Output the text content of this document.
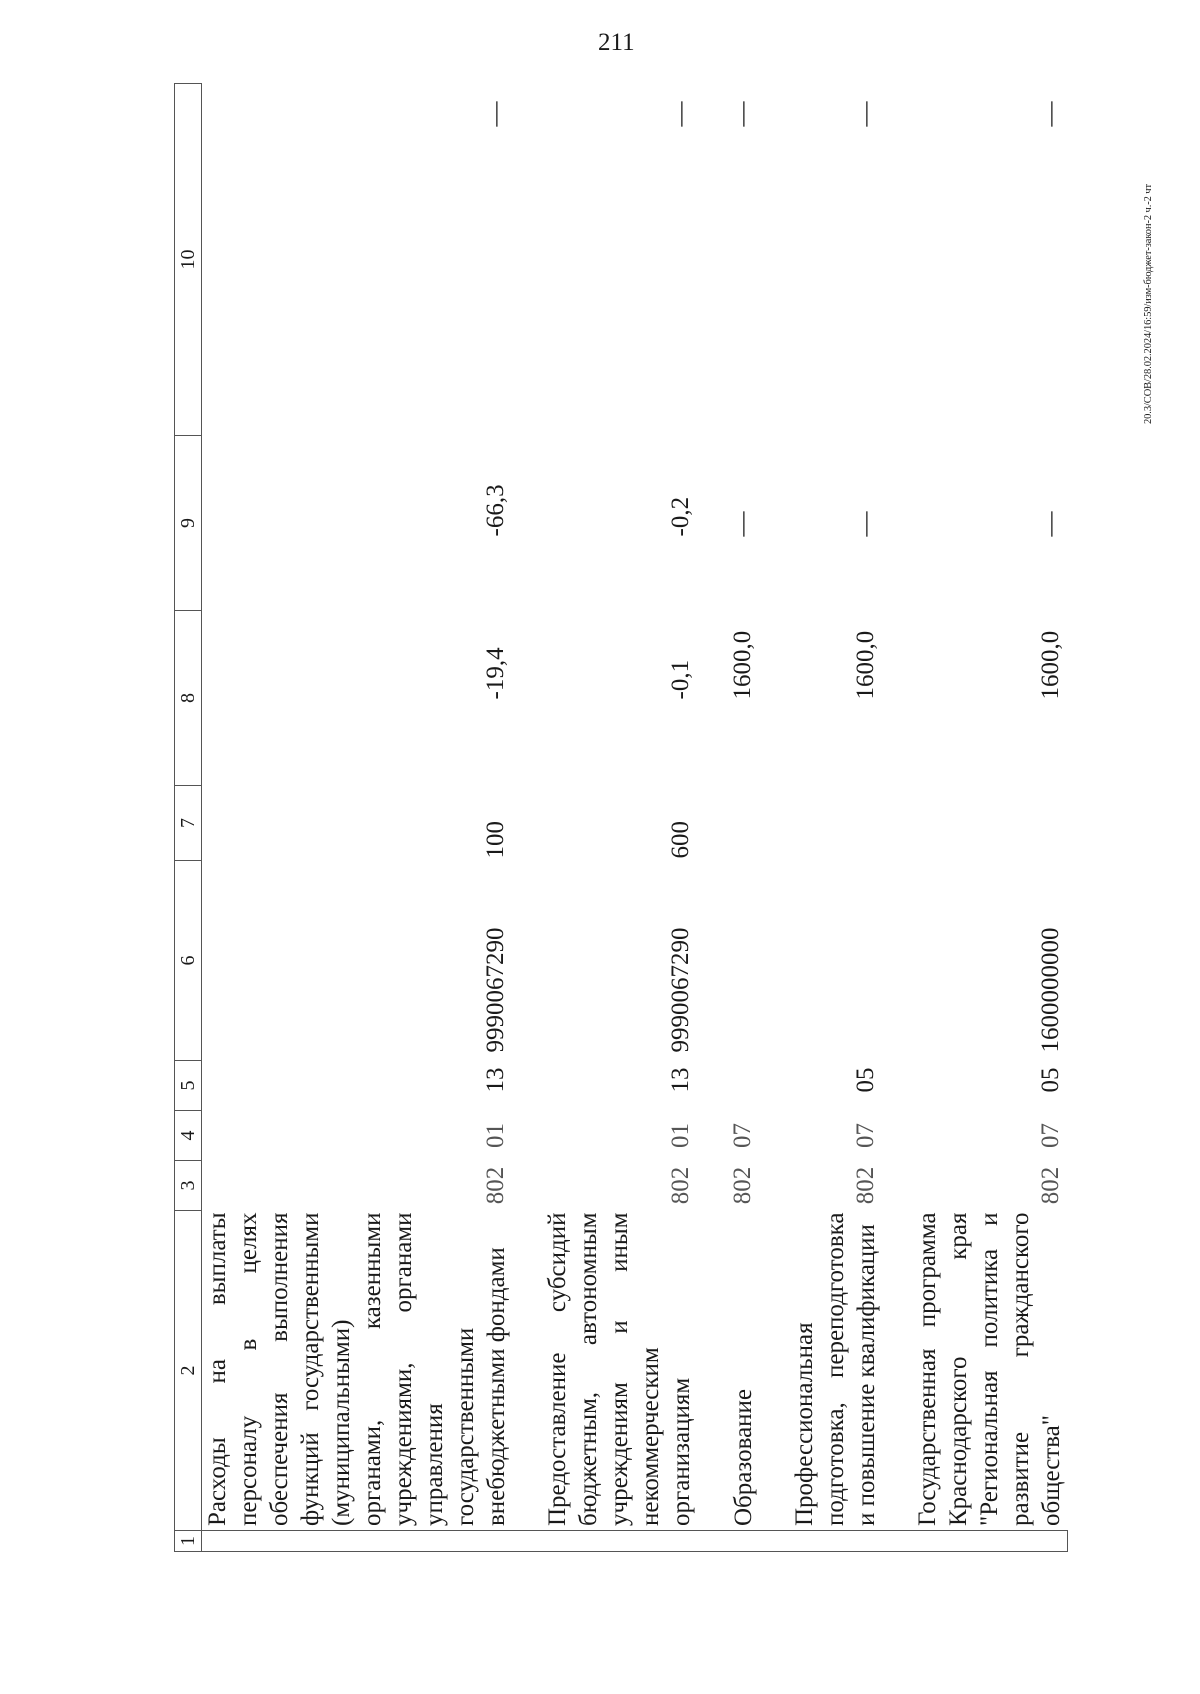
211
20.3/СОВ/28.02.2024/16:59/изм-бюджет-закон-2 ч.-2 чт
1	2	3	4	5	6	7	8	9	10

	Расходы на выплаты персоналу в целях обеспечения выполнения функций государственными (муниципальными) органами, казенными учреждениями, органами управления государственными внебюджетными фондами	802	01	13	9990067290	100	-19,4	-66,3	—

	Предоставление субсидий бюджетным, автономным учреждениям и иным некоммерческим организациям	802	01	13	9990067290	600	-0,1	-0,2	—

	Образование	802	07				1600,0	—	—

	Профессиональная подготовка, переподготовка и повышение квалификации	802	07	05			1600,0	—	—

	Государственная программа Краснодарского края "Региональная политика и развитие гражданского общества"	802	07	05	1600000000		1600,0	—	—
